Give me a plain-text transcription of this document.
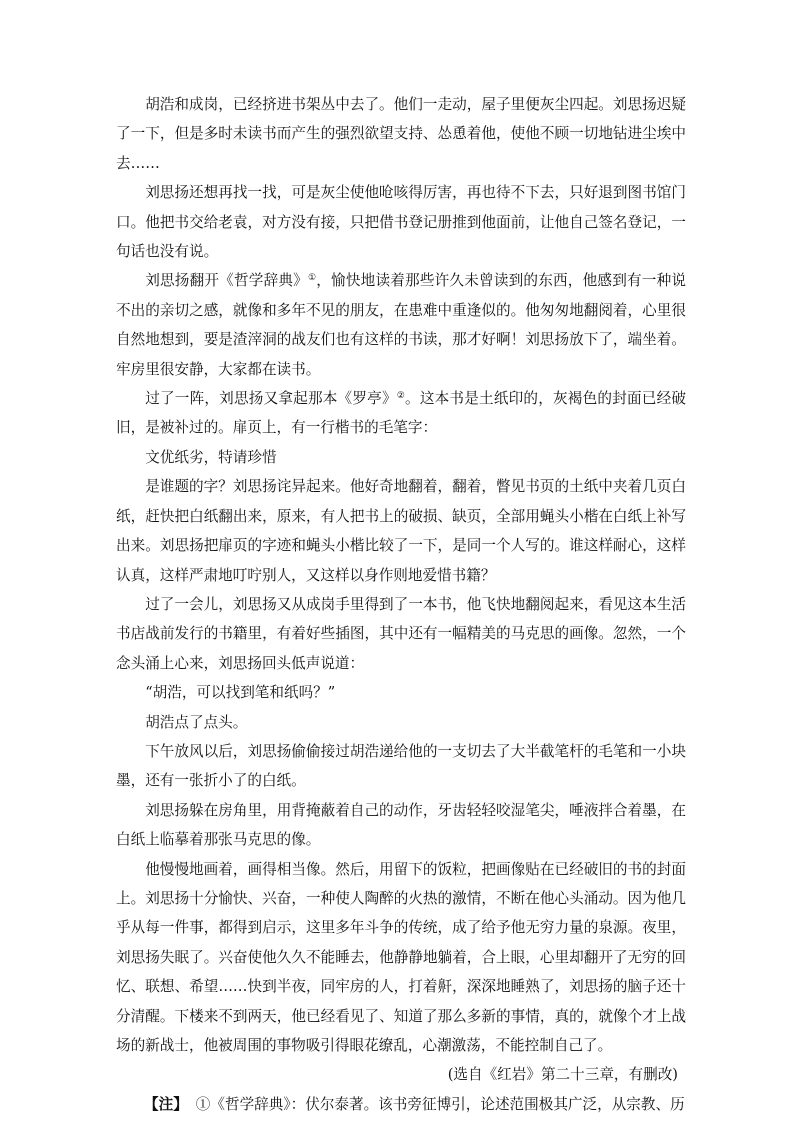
胡浩和成岗，已经挤进书架丛中去了。他们一走动，屋子里便灰尘四起。刘思扬迟疑了一下，但是多时未读书而产生的强烈欲望支持、怂恿着他，使他不顾一切地钻进尘埃中去……

刘思扬还想再找一找，可是灰尘使他呛咳得厉害，再也待不下去，只好退到图书馆门口。他把书交给老袁，对方没有接，只把借书登记册推到他面前，让他自己签名登记，一句话也没有说。

刘思扬翻开《哲学辞典》①，愉快地读着那些许久未曾读到的东西，他感到有一种说不出的亲切之感，就像和多年不见的朋友，在患难中重逢似的。他匆匆地翻阅着，心里很自然地想到，要是渣滓洞的战友们也有这样的书读，那才好啊！刘思扬放下了，端坐着。牢房里很安静，大家都在读书。

过了一阵，刘思扬又拿起那本《罗亭》②。这本书是土纸印的，灰褐色的封面已经破旧，是被补过的。扉页上，有一行楷书的毛笔字：

文优纸劣，特请珍惜

是谁题的字？刘思扬诧异起来。他好奇地翻着，翻着，瞥见书页的土纸中夹着几页白纸，赶快把白纸翻出来，原来，有人把书上的破损、缺页，全部用蝇头小楷在白纸上补写出来。刘思扬把扉页的字迹和蝇头小楷比较了一下，是同一个人写的。谁这样耐心，这样认真，这样严肃地叮咛别人，又这样以身作则地爱惜书籍？

过了一会儿，刘思扬又从成岗手里得到了一本书，他飞快地翻阅起来，看见这本生活书店战前发行的书籍里，有着好些插图，其中还有一幅精美的马克思的画像。忽然，一个念头涌上心来，刘思扬回头低声说道：

“胡浩，可以找到笔和纸吗？”

胡浩点了点头。

下午放风以后，刘思扬偷偷接过胡浩递给他的一支切去了大半截笔杆的毛笔和一小块墨，还有一张折小了的白纸。

刘思扬躲在房角里，用背掩蔽着自己的动作，牙齿轻轻咬湿笔尖，唾液拌合着墨，在白纸上临摹着那张马克思的像。

他慢慢地画着，画得相当像。然后，用留下的饭粒，把画像贴在已经破旧的书的封面上。刘思扬十分愉快、兴奋，一种使人陶醉的火热的激情，不断在他心头涌动。因为他几乎从每一件事，都得到启示，这里多年斗争的传统，成了给予他无穷力量的泉源。夜里，刘思扬失眠了。兴奋使他久久不能睡去，他静静地躺着，合上眼，心里却翻开了无穷的回忆、联想、希望……快到半夜，同牢房的人，打着鼾，深深地睡熟了，刘思扬的脑子还十分清醒。下楼来不到两天，他已经看见了、知道了那么多新的事情，真的，就像个才上战场的新战士，他被周围的事物吸引得眼花缭乱，心潮激荡，不能控制自己了。

(选自《红岩》第二十三章，有删改)

【注】 ①《哲学辞典》：伏尔泰著。该书旁征博引，论述范围极其广泛，从宗教、历
